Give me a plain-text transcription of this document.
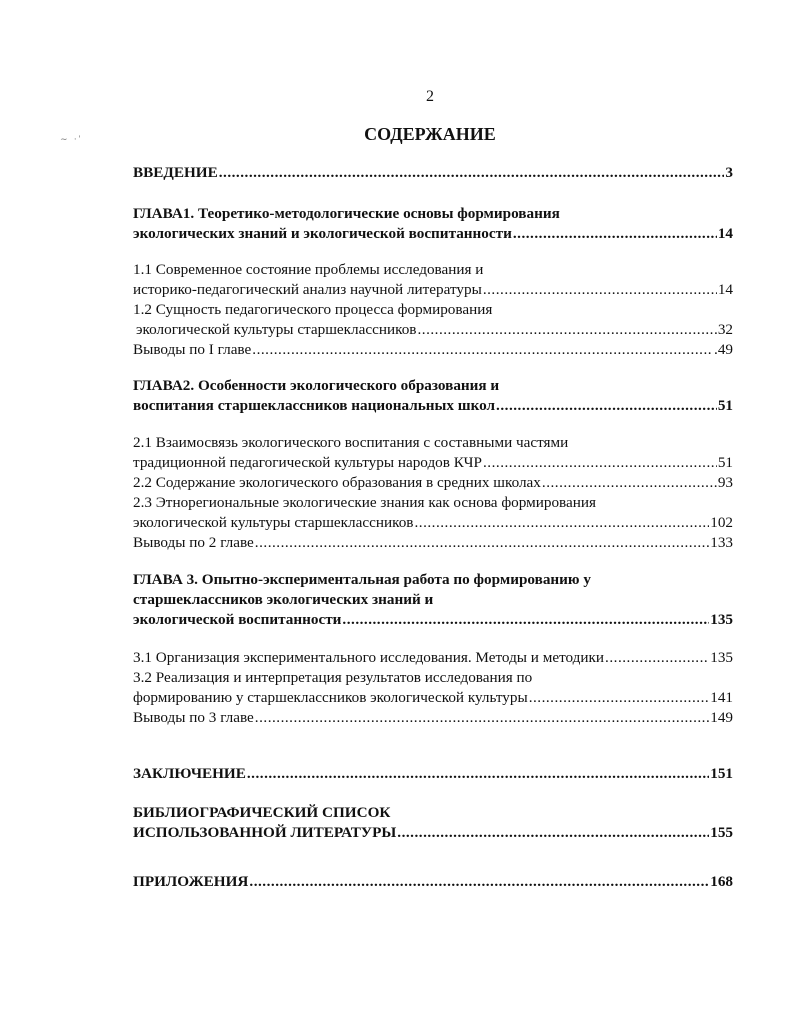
∼ ·'
2
СОДЕРЖАНИЕ
ВВЕДЕНИЕ .....	3
ГЛАВА1. Теоретико-методологические основы формирования
экологических знаний и экологической воспитанности .....	14
1.1 Современное состояние проблемы исследования и
историко-педагогический анализ научной литературы .....	14
1.2 Сущность педагогического процесса формирования
экологической культуры старшеклассников .....	32
Выводы по I главе .....	.49
ГЛАВА2. Особенности экологического образования и
воспитания старшеклассников национальных школ .....	51
2.1 Взаимосвязь экологического воспитания с составными частями
традиционной педагогической культуры народов КЧР .....	51
2.2 Содержание экологического образования в средних школах .....	93
2.3 Этнорегиональные экологические знания как основа формирования
экологической культуры старшеклассников .....	102
Выводы по 2 главе .....	133
ГЛАВА 3. Опытно-экспериментальная работа по формированию у
старшеклассников экологических знаний и
экологической воспитанности .....	135
3.1 Организация экспериментального исследования. Методы и методики .....	135
3.2 Реализация и интерпретация результатов исследования по
формированию у старшеклассников экологической культуры .....	141
Выводы по 3 главе .....	149
ЗАКЛЮЧЕНИЕ .....	151
БИБЛИОГРАФИЧЕСКИЙ СПИСОК
ИСПОЛЬЗОВАННОЙ ЛИТЕРАТУРЫ .....	155
ПРИЛОЖЕНИЯ .....	168
